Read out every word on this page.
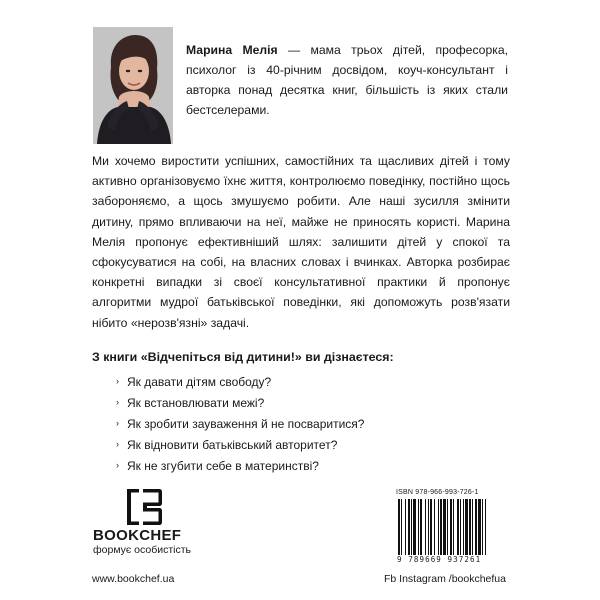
Марина Мелія — мама трьох дітей, професорка, психолог із 40-річним досвідом, коуч-консультант і авторка понад десятка книг, більшість із яких стали бестселерами.

Ми хочемо виростити успішних, самостійних та щасливих дітей і тому активно організовуємо їхнє життя, контролюємо поведінку, постійно щось забороняємо, а щось змушуємо робити. Але наші зусилля змінити дитину, прямо впливаючи на неї, майже не приносять користі. Марина Мелія пропонує ефективніший шлях: залишити дітей у спокої та сфокусуватися на собі, на власних словах і вчинках. Авторка розбирає конкретні випадки зі своєї консультативної практики й пропонує алгоритми мудрої батьківської поведінки, які допоможуть розв'язати нібито «нерозв'язні» задачі.

З книги «Відчепіться від дитини!» ви дізнаєтеся:

› Як давати дітям свободу?
› Як встановлювати межі?
› Як зробити зауваження й не посваритися?
› Як відновити батьківський авторитет?
› Як не згубити себе в материнстві?

BOOKCHEF

формує особистість

ISBN 978-966-993-726-1

9 789669 937261

www.bookchef.ua	Fb Instagram /bookchefua
